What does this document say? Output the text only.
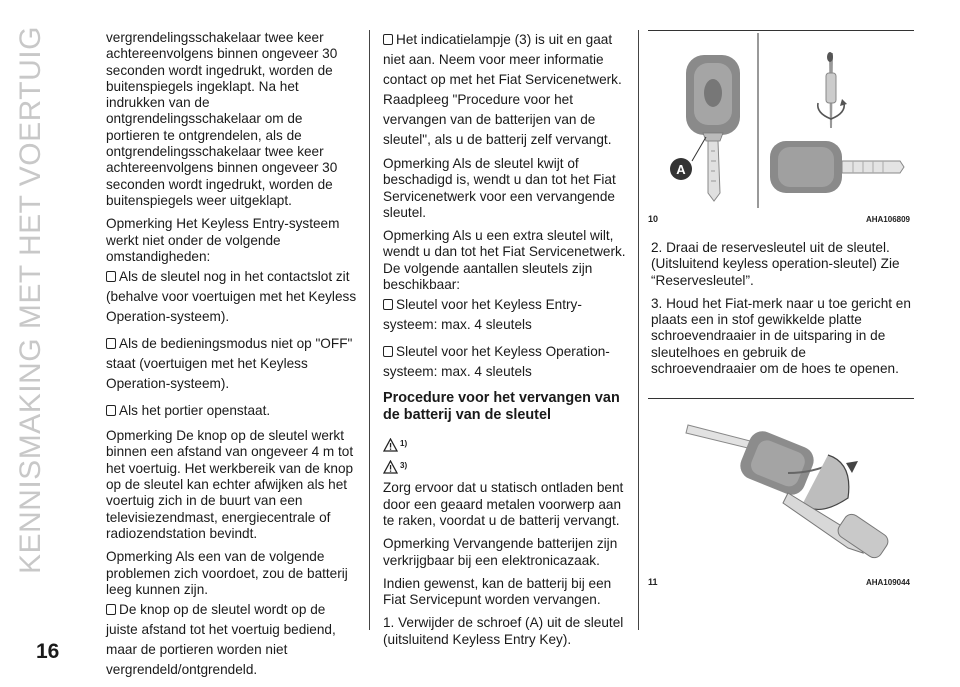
KENNISMAKING MET HET VOERTUIG
16

vergrendelingsschakelaar twee keer achtereenvolgens binnen ongeveer 30 seconden wordt ingedrukt, worden de buitenspiegels ingeklapt. Na het indrukken van de ontgrendelingsschakelaar om de portieren te ontgrendelen, als de ontgrendelingsschakelaar twee keer achtereenvolgens binnen ongeveer 30 seconden wordt ingedrukt, worden de buitenspiegels weer uitgeklapt.

Opmerking Het Keyless Entry-systeem werkt niet onder de volgende omstandigheden:

Als de sleutel nog in het contactslot zit (behalve voor voertuigen met het Keyless Operation-systeem).

Als de bedieningsmodus niet op "OFF" staat (voertuigen met het Keyless Operation-systeem).

Als het portier openstaat.

Opmerking De knop op de sleutel werkt binnen een afstand van ongeveer 4 m tot het voertuig. Het werkbereik van de knop op de sleutel kan echter afwijken als het voertuig zich in de buurt van een televisiezendmast, energiecentrale of radiozendstation bevindt.

Opmerking Als een van de volgende problemen zich voordoet, zou de batterij leeg kunnen zijn.

De knop op de sleutel wordt op de juiste afstand tot het voertuig bediend, maar de portieren worden niet vergrendeld/ontgrendeld.

Het indicatielampje (3) is uit en gaat niet aan. Neem voor meer informatie contact op met het Fiat Servicenetwerk. Raadpleeg "Procedure voor het vervangen van de batterijen van de sleutel", als u de batterij zelf vervangt.

Opmerking Als de sleutel kwijt of beschadigd is, wendt u dan tot het Fiat Servicenetwerk voor een vervangende sleutel.

Opmerking Als u een extra sleutel wilt, wendt u dan tot het Fiat Servicenetwerk. De volgende aantallen sleutels zijn beschikbaar:

Sleutel voor het Keyless Entry-systeem: max. 4 sleutels

Sleutel voor het Keyless Operation-systeem: max. 4 sleutels

Procedure voor het vervangen van de batterij van de sleutel

1)
3)

Zorg ervoor dat u statisch ontladen bent door een geaard metalen voorwerp aan te raken, voordat u de batterij vervangt.

Opmerking Vervangende batterijen zijn verkrijgbaar bij een elektronicazaak.

Indien gewenst, kan de batterij bij een Fiat Servicepunt worden vervangen.

1. Verwijder de schroef (A) uit de sleutel (uitsluitend Keyless Entry Key).

A
10	AHA106809

2. Draai de reservesleutel uit de sleutel. (Uitsluitend keyless operation-sleutel) Zie “Reservesleutel”.

3. Houd het Fiat-merk naar u toe gericht en plaats een in stof gewikkelde platte schroevendraaier in de uitsparing in de sleutelhoes en gebruik de schroevendraaier om de hoes te openen.

11	AHA109044
